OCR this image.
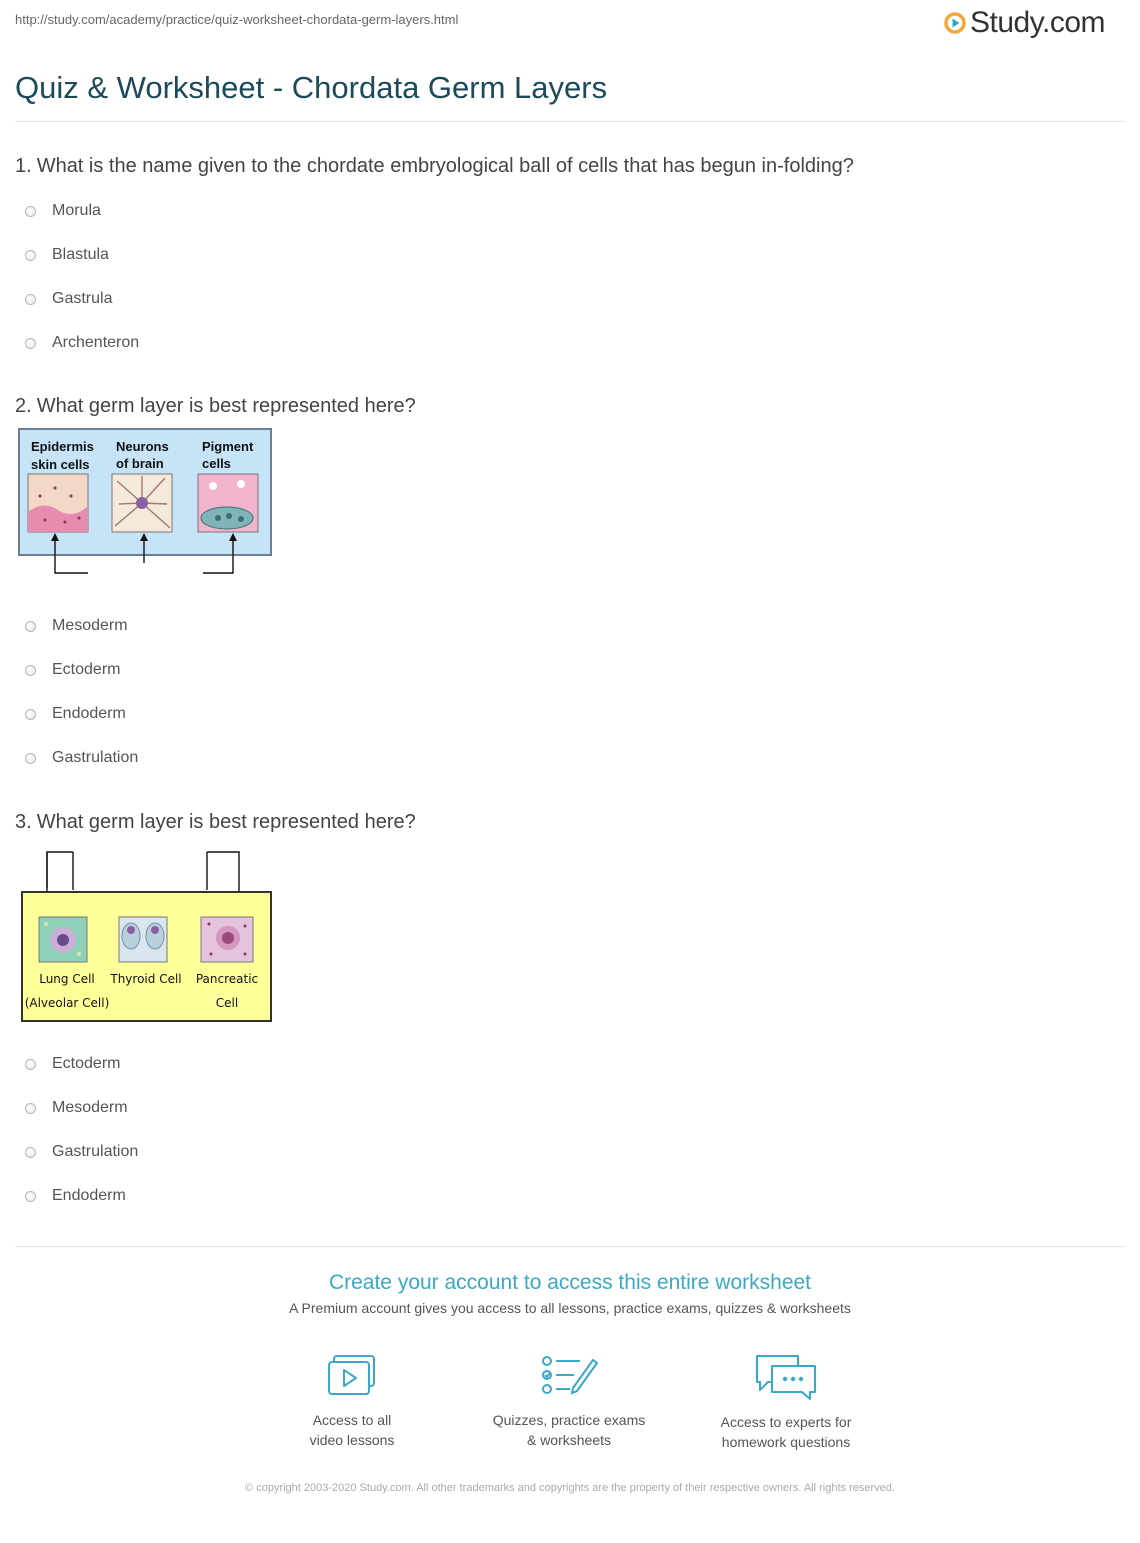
http://study.com/academy/practice/quiz-worksheet-chordata-germ-layers.html	Study.com
Quiz & Worksheet - Chordata Germ Layers

1. What is the name given to the chordate embryological ball of cells that has begun in-folding?

Morula
Blastula
Gastrula
Archenteron

2. What germ layer is best represented here?

Epidermis
skin cells
Neurons
of brain
Pigment
cells
Mesoderm
Ectoderm
Endoderm
Gastrulation

3. What germ layer is best represented here?

Lung Cell
(Alveolar Cell)
Thyroid Cell Pancreatic
Cell
Ectoderm
Mesoderm
Gastrulation
Endoderm
Create your account to access this entire worksheet
A Premium account gives you access to all lessons, practice exams, quizzes & worksheets
Access to all
video lessons
Quizzes, practice exams
& worksheets
Access to experts for
homework questions
© copyright 2003-2020 Study.com. All other trademarks and copyrights are the property of their respective owners. All rights reserved.
